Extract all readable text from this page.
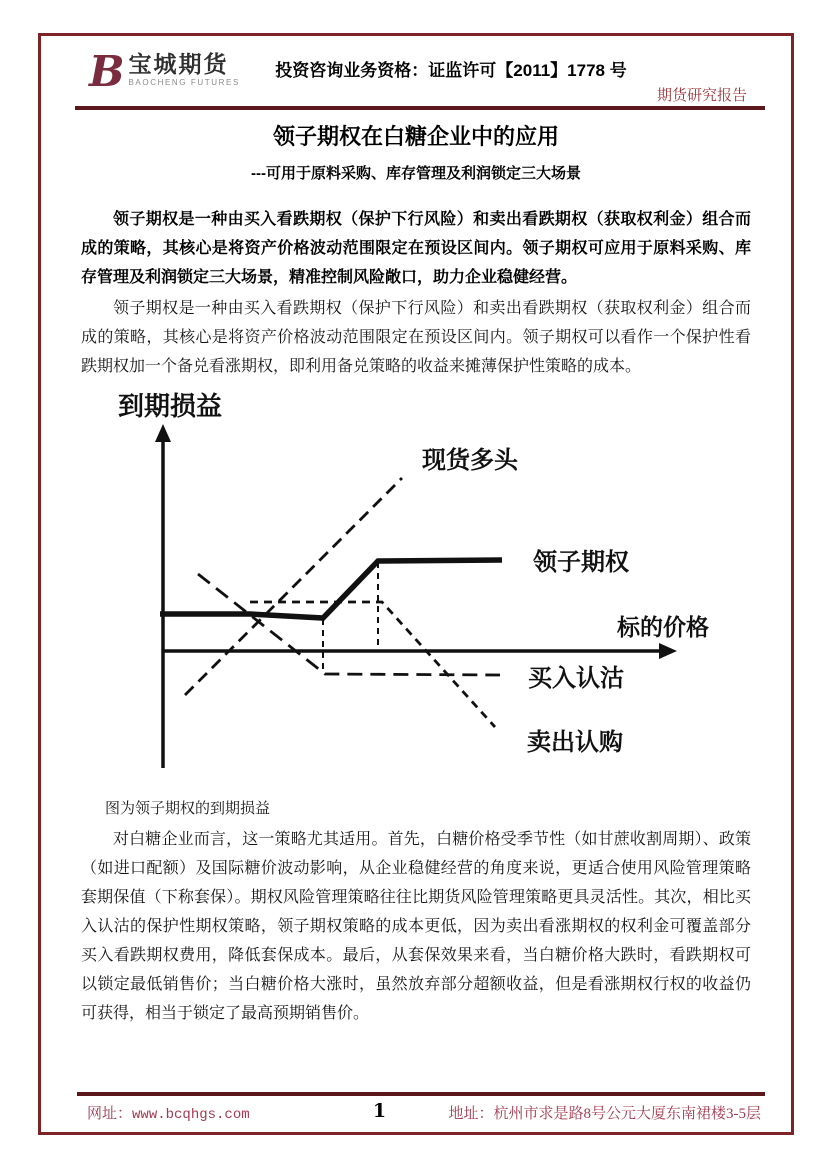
B 宝城期货
BAOCHENG FUTURES
投资咨询业务资格：证监许可【2011】1778 号
期货研究报告
领子期权在白糖企业中的应用
---可用于原料采购、库存管理及利润锁定三大场景

领子期权是一种由买入看跌期权（保护下行风险）和卖出看跌期权（获取权利金）组合而成的策略，其核心是将资产价格波动范围限定在预设区间内。领子期权可应用于原料采购、库存管理及利润锁定三大场景，精准控制风险敞口，助力企业稳健经营。

领子期权是一种由买入看跌期权（保护下行风险）和卖出看跌期权（获取权利金）组合而成的策略，其核心是将资产价格波动范围限定在预设区间内。领子期权可以看作一个保护性看跌期权加一个备兑看涨期权，即利用备兑策略的收益来摊薄保护性策略的成本。

到期损益
现货多头
领子期权
标的价格
买入认沽
卖出认购

图为领子期权的到期损益

对白糖企业而言，这一策略尤其适用。首先，白糖价格受季节性（如甘蔗收割周期）、政策（如进口配额）及国际糖价波动影响，从企业稳健经营的角度来说，更适合使用风险管理策略套期保值（下称套保）。期权风险管理策略往往比期货风险管理策略更具灵活性。其次，相比买入认沽的保护性期权策略，领子期权策略的成本更低，因为卖出看涨期权的权利金可覆盖部分买入看跌期权费用，降低套保成本。最后，从套保效果来看，当白糖价格大跌时，看跌期权可以锁定最低销售价；当白糖价格大涨时，虽然放弃部分超额收益，但是看涨期权行权的收益仍可获得，相当于锁定了最高预期销售价。

网址：www.bcqhgs.com	1	地址：杭州市求是路8号公元大厦东南裙楼3-5层
